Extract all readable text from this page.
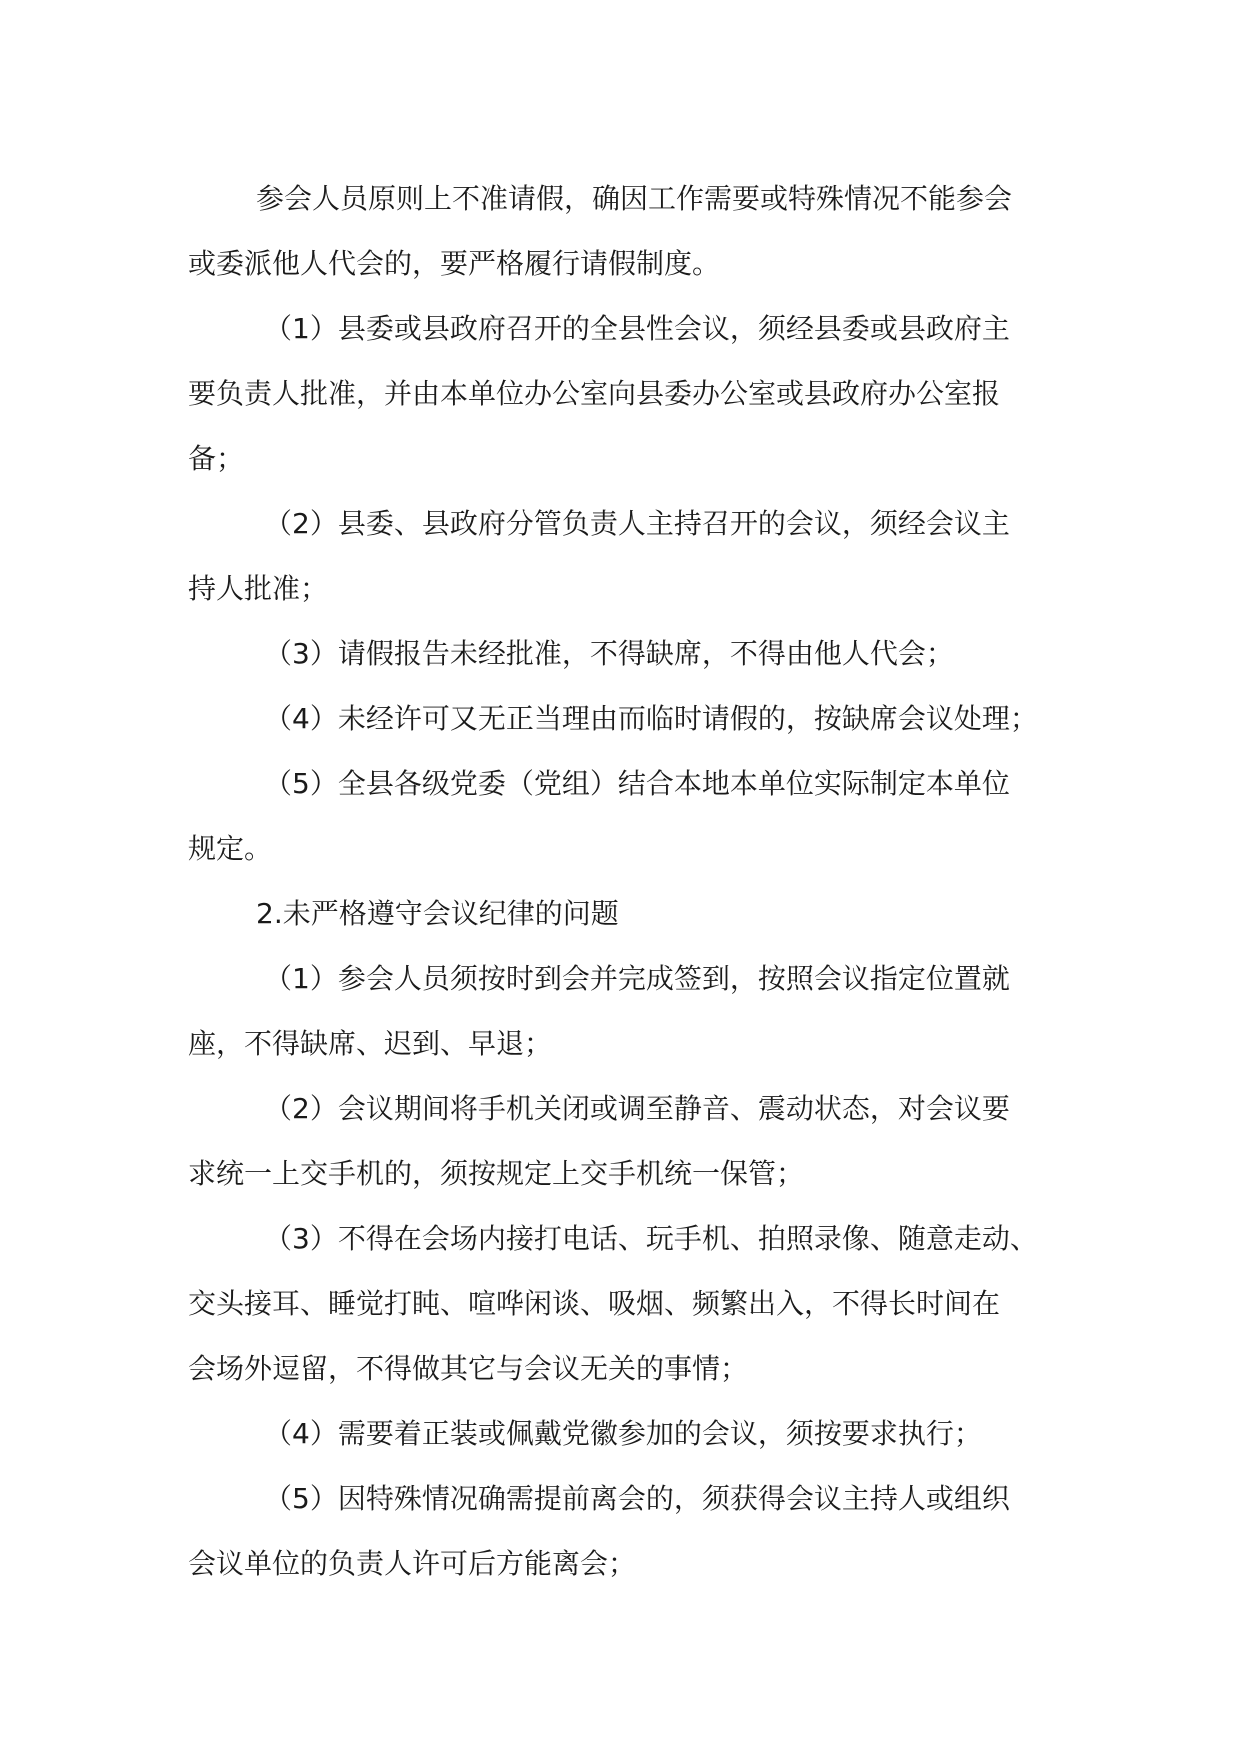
参会人员原则上不准请假，确因工作需要或特殊情况不能参会
或委派他人代会的，要严格履行请假制度。
（1）县委或县政府召开的全县性会议，须经县委或县政府主
要负责人批准，并由本单位办公室向县委办公室或县政府办公室报
备；
（2）县委、县政府分管负责人主持召开的会议，须经会议主
持人批准；
（3）请假报告未经批准，不得缺席，不得由他人代会；
（4）未经许可又无正当理由而临时请假的，按缺席会议处理；
（5）全县各级党委（党组）结合本地本单位实际制定本单位
规定。
2.未严格遵守会议纪律的问题
（1）参会人员须按时到会并完成签到，按照会议指定位置就
座，不得缺席、迟到、早退；
（2）会议期间将手机关闭或调至静音、震动状态，对会议要
求统一上交手机的，须按规定上交手机统一保管；
（3）不得在会场内接打电话、玩手机、拍照录像、随意走动、
交头接耳、睡觉打盹、喧哗闲谈、吸烟、频繁出入，不得长时间在
会场外逗留，不得做其它与会议无关的事情；
（4）需要着正装或佩戴党徽参加的会议，须按要求执行；
（5）因特殊情况确需提前离会的，须获得会议主持人或组织
会议单位的负责人许可后方能离会；
